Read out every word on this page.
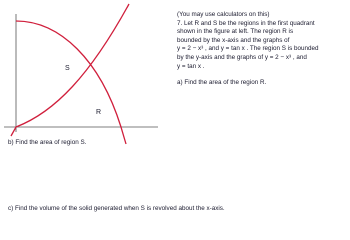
S
R
(You may use calculators on this)
7. Let R and S be the regions in the first quadrant
shown in the figure at left. The region R is
bounded by the x-axis and the graphs of
y = 2 − x³ , and y = tan x . The region S is bounded
by the y-axis and the graphs of y = 2 − x³ , and
y = tan x .
a) Find the area of the region R.
b) Find the area of region S.
c) Find the volume of the solid generated when S is revolved about the x-axis.
